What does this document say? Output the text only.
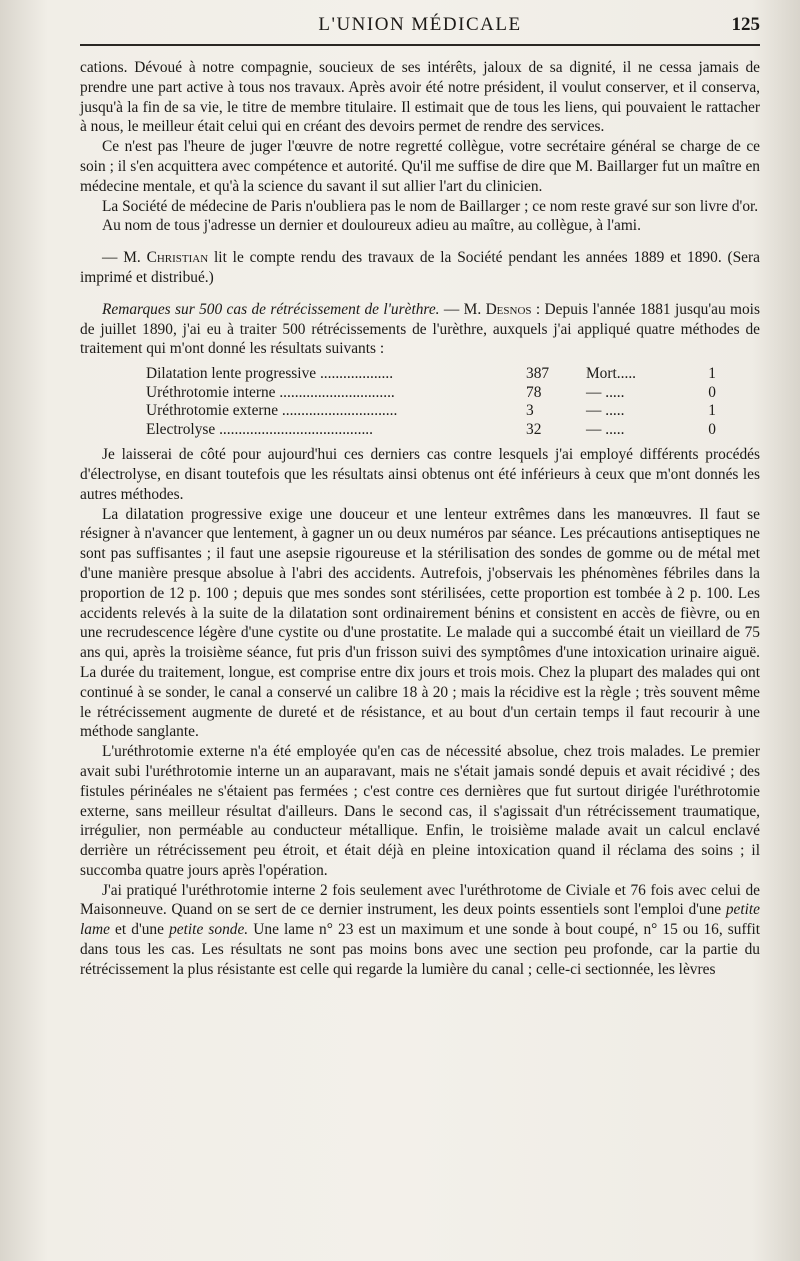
L'UNION MÉDICALE	125

cations. Dévoué à notre compagnie, soucieux de ses intérêts, jaloux de sa dignité, il ne cessa jamais de prendre une part active à tous nos travaux. Après avoir été notre président, il voulut conserver, et il conserva, jusqu'à la fin de sa vie, le titre de membre titulaire. Il estimait que de tous les liens, qui pouvaient le rattacher à nous, le meilleur était celui qui en créant des devoirs permet de rendre des services.

Ce n'est pas l'heure de juger l'œuvre de notre regretté collègue, votre secrétaire général se charge de ce soin ; il s'en acquittera avec compétence et autorité. Qu'il me suffise de dire que M. Baillarger fut un maître en médecine mentale, et qu'à la science du savant il sut allier l'art du clinicien.

La Société de médecine de Paris n'oubliera pas le nom de Baillarger ; ce nom reste gravé sur son livre d'or.

Au nom de tous j'adresse un dernier et douloureux adieu au maître, au collègue, à l'ami.

— M. Christian lit le compte rendu des travaux de la Société pendant les années 1889 et 1890. (Sera imprimé et distribué.)

Remarques sur 500 cas de rétrécissement de l'urèthre. — M. Desnos : Depuis l'année 1881 jusqu'au mois de juillet 1890, j'ai eu à traiter 500 rétrécissements de l'urèthre, auxquels j'ai appliqué quatre méthodes de traitement qui m'ont donné les résultats suivants :

Dilatation lente progressive ...................	387	Mort.....	1
Uréthrotomie interne ..............................	78	— .....	0
Uréthrotomie externe ..............................	3	— .....	1
Electrolyse ........................................	32	— .....	0

Je laisserai de côté pour aujourd'hui ces derniers cas contre lesquels j'ai employé différents procédés d'électrolyse, en disant toutefois que les résultats ainsi obtenus ont été inférieurs à ceux que m'ont donnés les autres méthodes.

La dilatation progressive exige une douceur et une lenteur extrêmes dans les manœuvres. Il faut se résigner à n'avancer que lentement, à gagner un ou deux numéros par séance. Les précautions antiseptiques ne sont pas suffisantes ; il faut une asepsie rigoureuse et la stérilisation des sondes de gomme ou de métal met d'une manière presque absolue à l'abri des accidents. Autrefois, j'observais les phénomènes fébriles dans la proportion de 12 p. 100 ; depuis que mes sondes sont stérilisées, cette proportion est tombée à 2 p. 100. Les accidents relevés à la suite de la dilatation sont ordinairement bénins et consistent en accès de fièvre, ou en une recrudescence légère d'une cystite ou d'une prostatite. Le malade qui a succombé était un vieillard de 75 ans qui, après la troisième séance, fut pris d'un frisson suivi des symptômes d'une intoxication urinaire aiguë. La durée du traitement, longue, est comprise entre dix jours et trois mois. Chez la plupart des malades qui ont continué à se sonder, le canal a conservé un calibre 18 à 20 ; mais la récidive est la règle ; très souvent même le rétrécissement augmente de dureté et de résistance, et au bout d'un certain temps il faut recourir à une méthode sanglante.

L'uréthrotomie externe n'a été employée qu'en cas de nécessité absolue, chez trois malades. Le premier avait subi l'uréthrotomie interne un an auparavant, mais ne s'était jamais sondé depuis et avait récidivé ; des fistules périnéales ne s'étaient pas fermées ; c'est contre ces dernières que fut surtout dirigée l'uréthrotomie externe, sans meilleur résultat d'ailleurs. Dans le second cas, il s'agissait d'un rétrécissement traumatique, irrégulier, non perméable au conducteur métallique. Enfin, le troisième malade avait un calcul enclavé derrière un rétrécissement peu étroit, et était déjà en pleine intoxication quand il réclama des soins ; il succomba quatre jours après l'opération.

J'ai pratiqué l'uréthrotomie interne 2 fois seulement avec l'uréthrotome de Civiale et 76 fois avec celui de Maisonneuve. Quand on se sert de ce dernier instrument, les deux points essentiels sont l'emploi d'une petite lame et d'une petite sonde. Une lame n° 23 est un maximum et une sonde à bout coupé, n° 15 ou 16, suffit dans tous les cas. Les résultats ne sont pas moins bons avec une section peu profonde, car la partie du rétrécissement la plus résistante est celle qui regarde la lumière du canal ; celle-ci sectionnée, les lèvres
